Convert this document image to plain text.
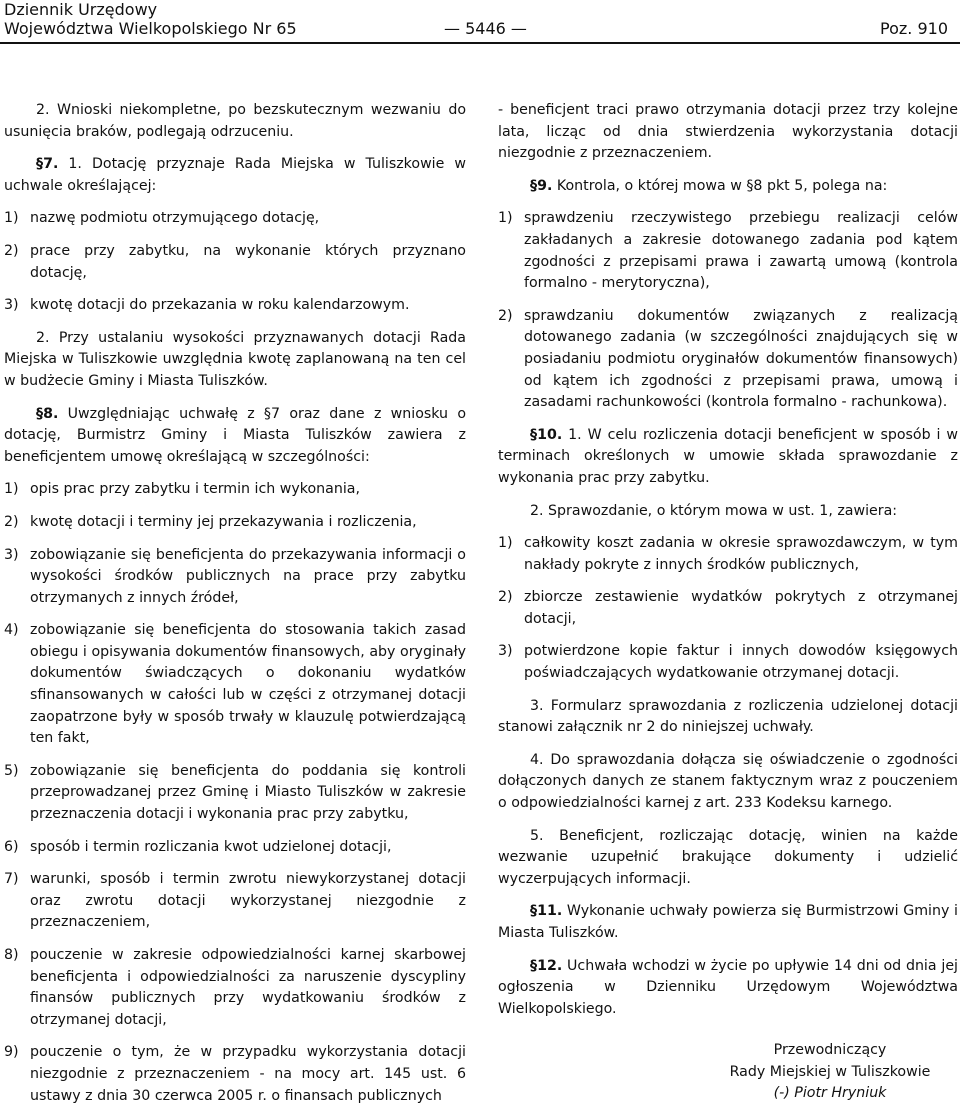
Dziennik Urzędowy
Województwa Wielkopolskiego Nr 65	— 5446 —	Poz. 910

2. Wnioski niekompletne, po bezskutecznym wezwaniu do usunięcia braków, podlegają odrzuceniu.

§7. 1. Dotację przyznaje Rada Miejska w Tuliszkowie w uchwale określającej:

1) nazwę podmiotu otrzymującego dotację,
2) prace przy zabytku, na wykonanie których przyznano dotację,
3) kwotę dotacji do przekazania w roku kalendarzowym.

2. Przy ustalaniu wysokości przyznawanych dotacji Rada Miejska w Tuliszkowie uwzględnia kwotę zaplanowaną na ten cel w budżecie Gminy i Miasta Tuliszków.

§8. Uwzględniając uchwałę z §7 oraz dane z wniosku o dotację, Burmistrz Gminy i Miasta Tuliszków zawiera z beneficjentem umowę określającą w szczególności:

1) opis prac przy zabytku i termin ich wykonania,
2) kwotę dotacji i terminy jej przekazywania i rozliczenia,
3) zobowiązanie się beneficjenta do przekazywania informacji o wysokości środków publicznych na prace przy zabytku otrzymanych z innych źródeł,
4) zobowiązanie się beneficjenta do stosowania takich zasad obiegu i opisywania dokumentów finansowych, aby oryginały dokumentów świadczących o dokonaniu wydatków sfinansowanych w całości lub w części z otrzymanej dotacji zaopatrzone były w sposób trwały w klauzulę potwierdzającą ten fakt,
5) zobowiązanie się beneficjenta do poddania się kontroli przeprowadzanej przez Gminę i Miasto Tuliszków w zakresie przeznaczenia dotacji i wykonania prac przy zabytku,
6) sposób i termin rozliczania kwot udzielonej dotacji,
7) warunki, sposób i termin zwrotu niewykorzystanej dotacji oraz zwrotu dotacji wykorzystanej niezgodnie z przeznaczeniem,
8) pouczenie w zakresie odpowiedzialności karnej skarbowej beneficjenta i odpowiedzialności za naruszenie dyscypliny finansów publicznych przy wydatkowaniu środków z otrzymanej dotacji,
9) pouczenie o tym, że w przypadku wykorzystania dotacji niezgodnie z przeznaczeniem - na mocy art. 145 ust. 6 ustawy z dnia 30 czerwca 2005 r. o finansach publicznych

- beneficjent traci prawo otrzymania dotacji przez trzy kolejne lata, licząc od dnia stwierdzenia wykorzystania dotacji niezgodnie z przeznaczeniem.

§9. Kontrola, o której mowa w §8 pkt 5, polega na:

1) sprawdzeniu rzeczywistego przebiegu realizacji celów zakładanych a zakresie dotowanego zadania pod kątem zgodności z przepisami prawa i zawartą umową (kontrola formalno - merytoryczna),
2) sprawdzaniu dokumentów związanych z realizacją dotowanego zadania (w szczególności znajdujących się w posiadaniu podmiotu oryginałów dokumentów finansowych) od kątem ich zgodności z przepisami prawa, umową i zasadami rachunkowości (kontrola formalno - rachunkowa).

§10. 1. W celu rozliczenia dotacji beneficjent w sposób i w terminach określonych w umowie składa sprawozdanie z wykonania prac przy zabytku.

2. Sprawozdanie, o którym mowa w ust. 1, zawiera:

1) całkowity koszt zadania w okresie sprawozdawczym, w tym nakłady pokryte z innych środków publicznych,
2) zbiorcze zestawienie wydatków pokrytych z otrzymanej dotacji,
3) potwierdzone kopie faktur i innych dowodów księgowych poświadczających wydatkowanie otrzymanej dotacji.

3. Formularz sprawozdania z rozliczenia udzielonej dotacji stanowi załącznik nr 2 do niniejszej uchwały.

4. Do sprawozdania dołącza się oświadczenie o zgodności dołączonych danych ze stanem faktycznym wraz z pouczeniem o odpowiedzialności karnej z art. 233 Kodeksu karnego.

5. Beneficjent, rozliczając dotację, winien na każde wezwanie uzupełnić brakujące dokumenty i udzielić wyczerpujących informacji.

§11. Wykonanie uchwały powierza się Burmistrzowi Gminy i Miasta Tuliszków.

§12. Uchwała wchodzi w życie po upływie 14 dni od dnia jej ogłoszenia w Dzienniku Urzędowym Województwa Wielkopolskiego.

Przewodniczący
Rady Miejskiej w Tuliszkowie
(-) Piotr Hryniuk
